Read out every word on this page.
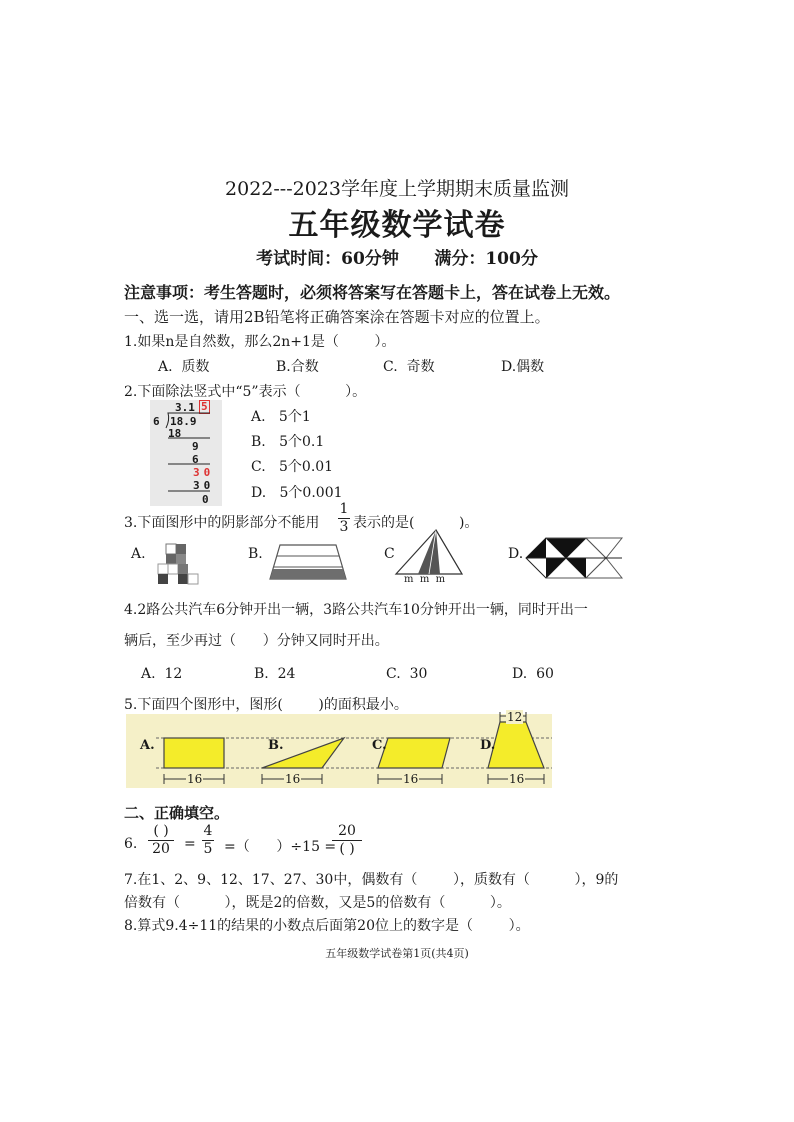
2022---2023学年度上学期期末质量监测
五年级数学试卷
考试时间：60分钟      满分：100分
注意事项：考生答题时，必须将答案写在答题卡上，答在试卷上无效。
一、选一选，请用2B铅笔将正确答案涂在答题卡对应的位置上。
1.如果n是自然数，那么2n+1是（        ）。
A.  质数	B.合数	C.  奇数	D.偶数
2.下面除法竖式中“5”表示（          ）。
3.1 5
6 18.9
18
9
6
30
30
0
A.   5个1
B.   5个0.1
C.   5个0.01
D.   5个0.001
3.下面图形中的阴影部分不能用
1
3 表示的是(          )。
A.	B.	C
m  m  m
D.
4.2路公共汽车6分钟开出一辆，3路公共汽车10分钟开出一辆，同时开出一
辆后，至少再过（      ）分钟又同时开出。
A.  12	B.  24	C.  30	D.  60
5.下面四个图形中，图形(        )的面积最小。
A.	B.	C.	D.
16	16	16	16
12
二、正确填空。
6.
( )
20 =
4
5 =（      ）÷15 =
20
( )
7.在1、2、9、12、17、27、30中，偶数有（        ），质数有（          ），9的
倍数有（          ），既是2的倍数，又是5的倍数有（          ）。
8.算式9.4÷11的结果的小数点后面第20位上的数字是（        ）。
五年级数学试卷第1页(共4页)
